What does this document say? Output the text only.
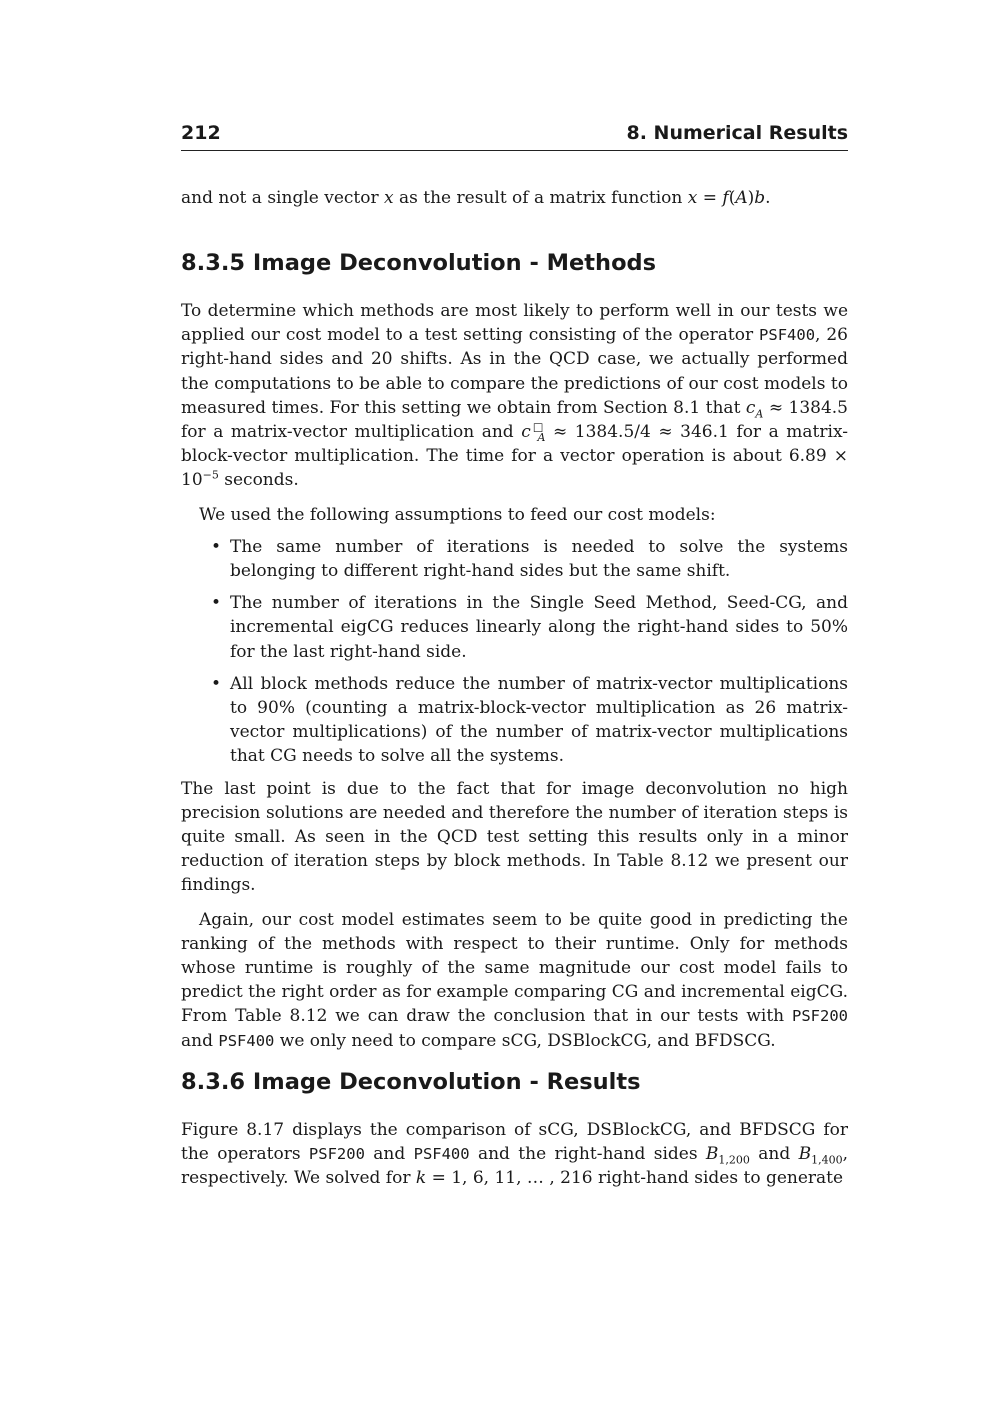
212	8. Numerical Results

and not a single vector x as the result of a matrix function x = f(A)b.

8.3.5 Image Deconvolution - Methods

To determine which methods are most likely to perform well in our tests we applied our cost model to a test setting consisting of the operator PSF400, 26 right-hand sides and 20 shifts. As in the QCD case, we actually performed the computations to be able to compare the predictions of our cost models to measured times. For this setting we obtain from Section 8.1 that $c_A \approx 1384.5$ for a matrix-vector multiplication and $c^□_A \approx 1384.5/4 \approx 346.1$ for a matrix-block-vector multiplication. The time for a vector operation is about $6.89 \times 10^{-5}$ seconds.

We used the following assumptions to feed our cost models:

• The same number of iterations is needed to solve the systems belonging to different right-hand sides but the same shift.
• The number of iterations in the Single Seed Method, Seed-CG, and incremental eigCG reduces linearly along the right-hand sides to 50% for the last right-hand side.
• All block methods reduce the number of matrix-vector multiplications to 90% (counting a matrix-block-vector multiplication as 26 matrix-vector multiplications) of the number of matrix-vector multiplications that CG needs to solve all the systems.

The last point is due to the fact that for image deconvolution no high precision solutions are needed and therefore the number of iteration steps is quite small. As seen in the QCD test setting this results only in a minor reduction of iteration steps by block methods. In Table 8.12 we present our findings.

Again, our cost model estimates seem to be quite good in predicting the ranking of the methods with respect to their runtime. Only for methods whose runtime is roughly of the same magnitude our cost model fails to predict the right order as for example comparing CG and incremental eigCG. From Table 8.12 we can draw the conclusion that in our tests with PSF200 and PSF400 we only need to compare sCG, DSBlockCG, and BFDSCG.

8.3.6 Image Deconvolution - Results

Figure 8.17 displays the comparison of sCG, DSBlockCG, and BFDSCG for the operators PSF200 and PSF400 and the right-hand sides $B_{1,200}$ and $B_{1,400}$, respectively. We solved for k = 1, 6, 11, … , 216 right-hand sides to generate
